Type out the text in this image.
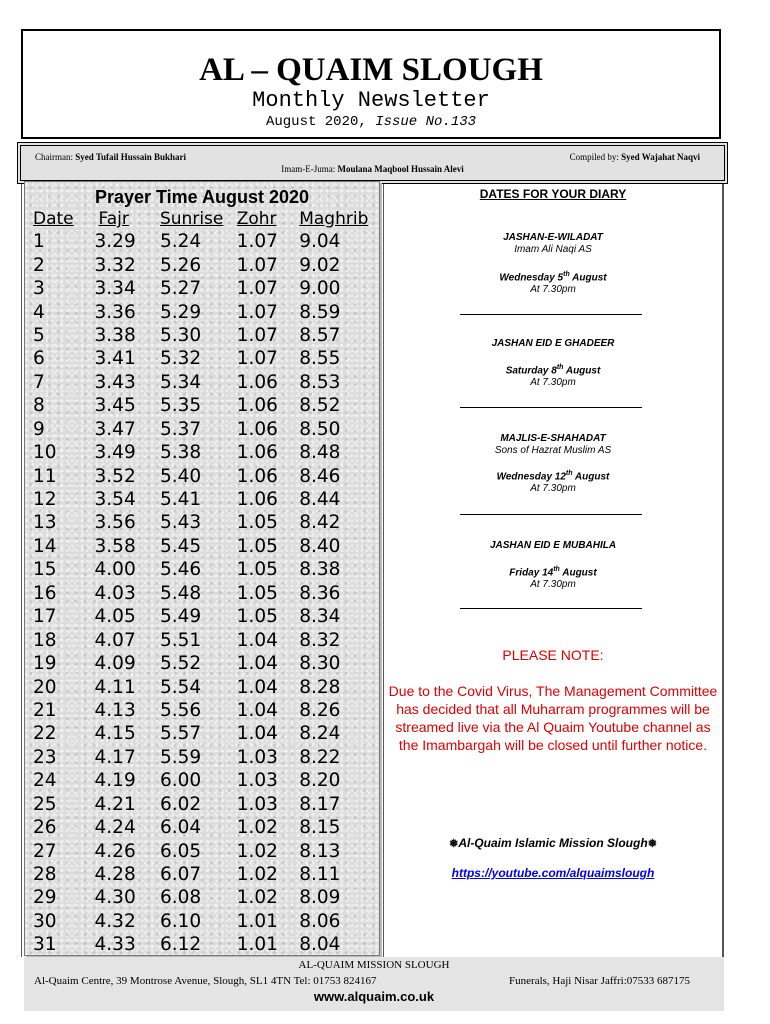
AL – QUAIM SLOUGH
Monthly Newsletter
August 2020, Issue No.133
Chairman: Syed Tufail Hussain Bukhari	Compiled by: Syed Wajahat Naqvi
Imam-E-Juma: Moulana Maqbool Hussain Alevi
Prayer Time August 2020
Date	Fajr	Sunrise	Zohr	Maghrib
1	3.29	5.24	1.07	9.04
2	3.32	5.26	1.07	9.02
3	3.34	5.27	1.07	9.00
4	3.36	5.29	1.07	8.59
5	3.38	5.30	1.07	8.57
6	3.41	5.32	1.07	8.55
7	3.43	5.34	1.06	8.53
8	3.45	5.35	1.06	8.52
9	3.47	5.37	1.06	8.50
10	3.49	5.38	1.06	8.48
11	3.52	5.40	1.06	8.46
12	3.54	5.41	1.06	8.44
13	3.56	5.43	1.05	8.42
14	3.58	5.45	1.05	8.40
15	4.00	5.46	1.05	8.38
16	4.03	5.48	1.05	8.36
17	4.05	5.49	1.05	8.34
18	4.07	5.51	1.04	8.32
19	4.09	5.52	1.04	8.30
20	4.11	5.54	1.04	8.28
21	4.13	5.56	1.04	8.26
22	4.15	5.57	1.04	8.24
23	4.17	5.59	1.03	8.22
24	4.19	6.00	1.03	8.20
25	4.21	6.02	1.03	8.17
26	4.24	6.04	1.02	8.15
27	4.26	6.05	1.02	8.13
28	4.28	6.07	1.02	8.11
29	4.30	6.08	1.02	8.09
30	4.32	6.10	1.01	8.06
31	4.33	6.12	1.01	8.04
DATES FOR YOUR DIARY
JASHAN-E-WILADAT
Imam Ali Naqi AS
Wednesday 5th August
At 7.30pm
JASHAN EID E GHADEER
Saturday 8th August
At 7.30pm
MAJLIS-E-SHAHADAT
Sons of Hazrat Muslim AS
Wednesday 12th August
At 7.30pm
JASHAN EID E MUBAHILA
Friday 14th August
At 7.30pm
PLEASE NOTE:
Due to the Covid Virus, The Management Committee has decided that all Muharram programmes will be streamed live via the Al Quaim Youtube channel as the Imambargah will be closed until further notice.
❅Al-Quaim Islamic Mission Slough❅
https://youtube.com/alquaimslough
AL-QUAIM MISSION SLOUGH
Al-Quaim Centre, 39 Montrose Avenue, Slough, SL1 4TN Tel: 01753 824167	Funerals, Haji Nisar Jaffri:07533 687175
www.alquaim.co.uk
